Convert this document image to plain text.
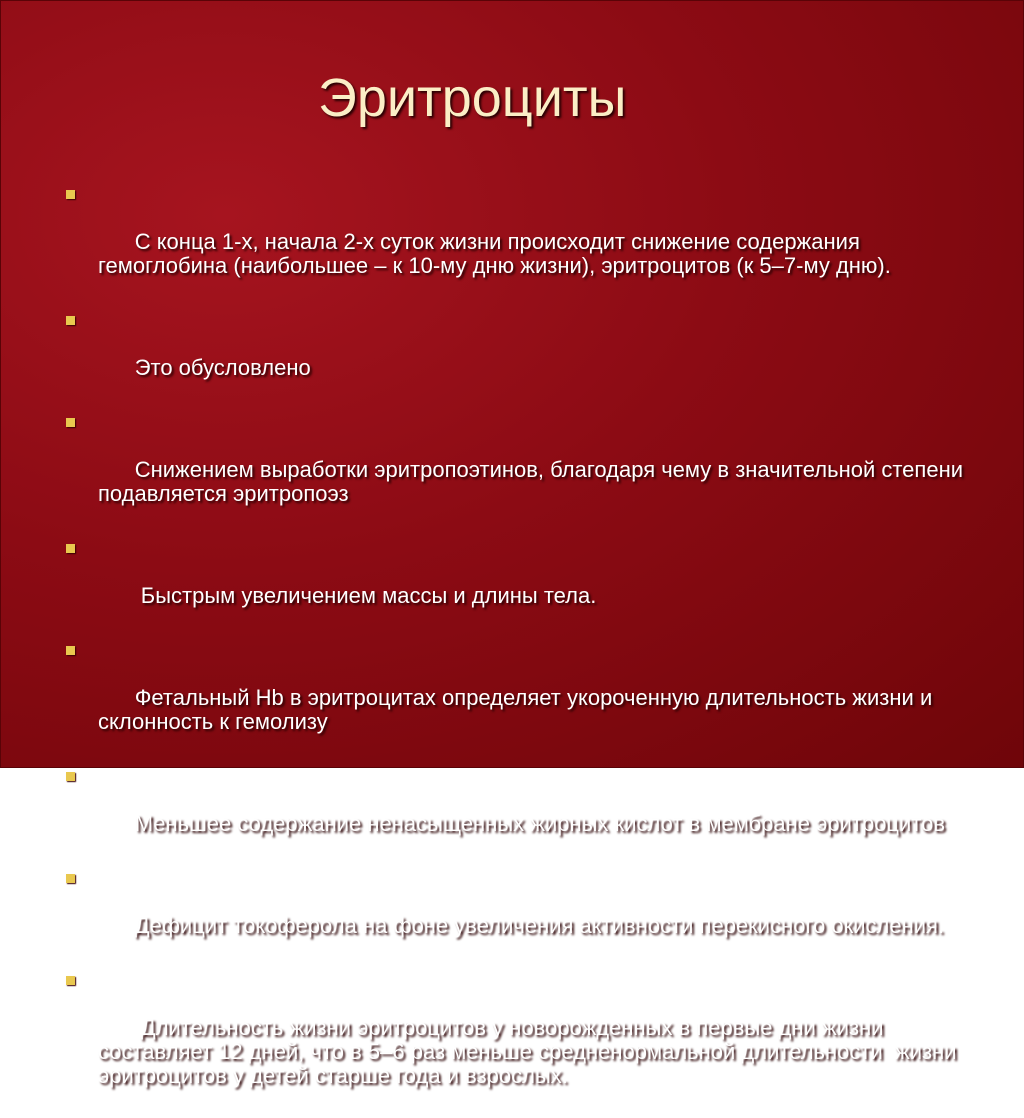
Эритроциты

С конца 1-х, начала 2-х суток жизни происходит снижение содержания гемоглобина (наибольшее – к 10-му дню жизни), эритроцитов (к 5–7-му дню).

Это обусловлено

Снижением выработки эритропоэтинов, благодаря чему в значительной степени подавляется эритропоэз

Быстрым увеличением массы и длины тела.

Фетальный Hb в эритроцитах определяет укороченную длительность жизни и склонность к гемолизу

Меньшее содержание ненасыщенных жирных кислот в мембране эритроцитов

Дефицит токоферола на фоне увеличения активности перекисного окисления.

Длительность жизни эритроцитов у новорожденных в первые дни жизни составляет 12 дней, что в 5–6 раз меньше средненормальной длительности  жизни эритроцитов у детей старше года и взрослых.
